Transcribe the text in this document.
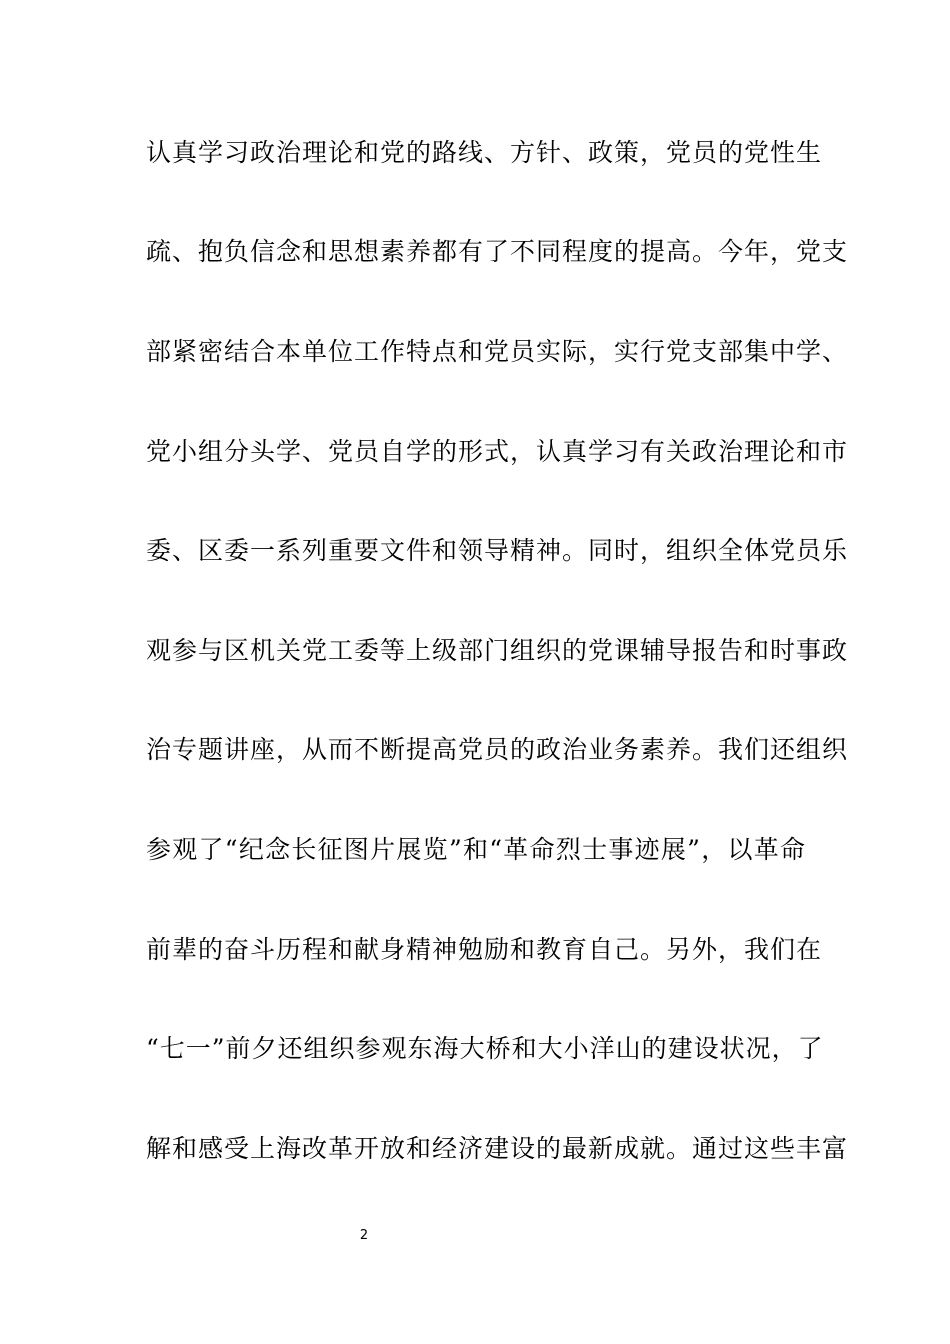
认真学习政治理论和党的路线、方针、政策，党员的党性生
疏、抱负信念和思想素养都有了不同程度的提高。今年，党支
部紧密结合本单位工作特点和党员实际，实行党支部集中学、
党小组分头学、党员自学的形式，认真学习有关政治理论和市
委、区委一系列重要文件和领导精神。同时，组织全体党员乐
观参与区机关党工委等上级部门组织的党课辅导报告和时事政
治专题讲座，从而不断提高党员的政治业务素养。我们还组织
参观了“纪念长征图片展览”和“革命烈士事迹展”，以革命
前辈的奋斗历程和献身精神勉励和教育自己。另外，我们在
“七一”前夕还组织参观东海大桥和大小洋山的建设状况，了
解和感受上海改革开放和经济建设的最新成就。通过这些丰富
2
